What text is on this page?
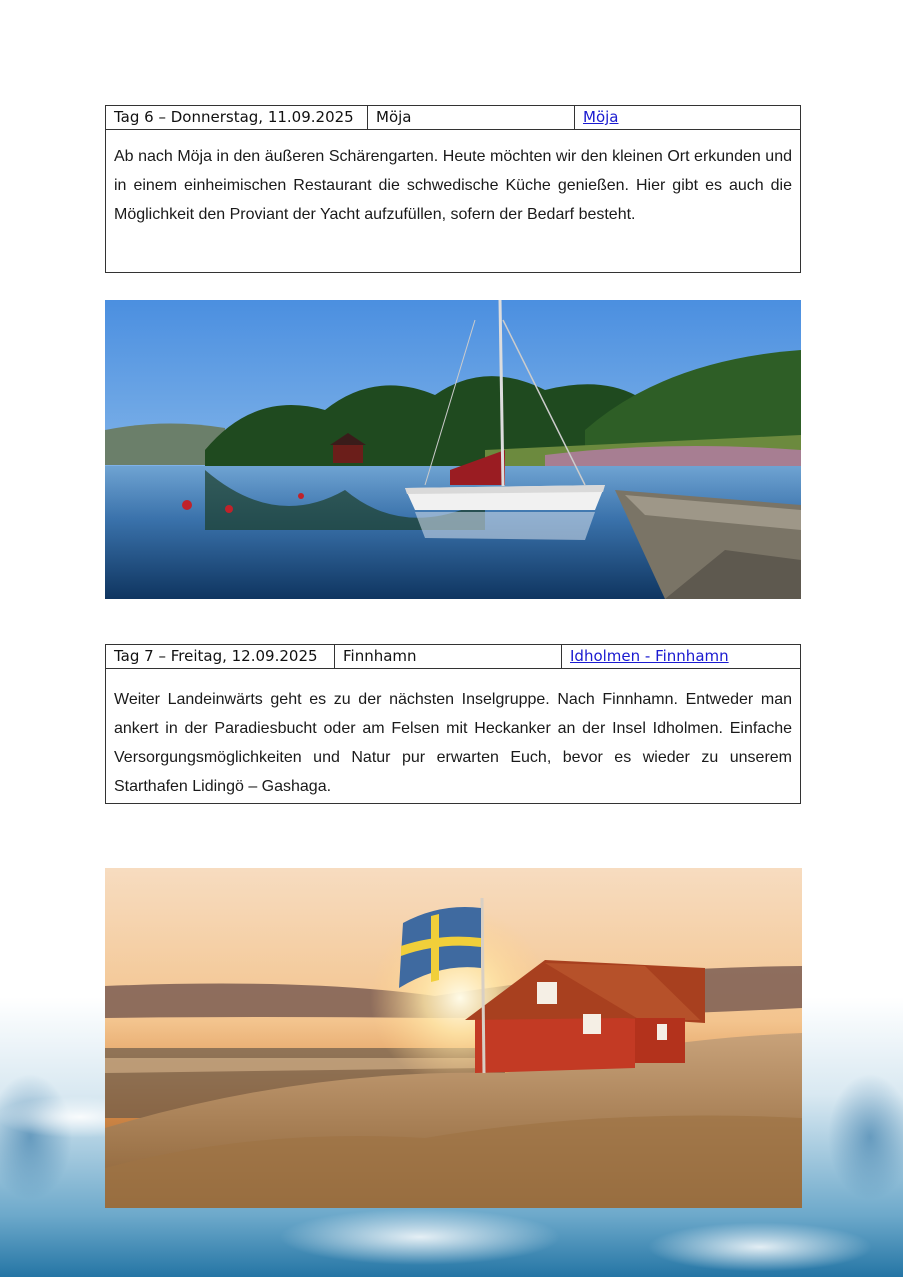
Tag 6 – Donnerstag, 11.09.2025	Möja	Möja
Ab nach Möja in den äußeren Schärengarten. Heute möchten wir den kleinen Ort erkunden und in einem einheimischen Restaurant die schwedische Küche genießen. Hier gibt es auch die Möglichkeit den Proviant der Yacht aufzufüllen, sofern der Bedarf besteht.
Tag 7 – Freitag, 12.09.2025	Finnhamn	Idholmen - Finnhamn
Weiter Landeinwärts geht es zu der nächsten Inselgruppe. Nach Finnhamn. Entweder man ankert in der Paradiesbucht oder am Felsen mit Heckanker an der Insel Idholmen. Einfache Versorgungsmöglichkeiten und Natur pur erwarten Euch, bevor es wieder zu unserem Starthafen Lidingö – Gashaga.
